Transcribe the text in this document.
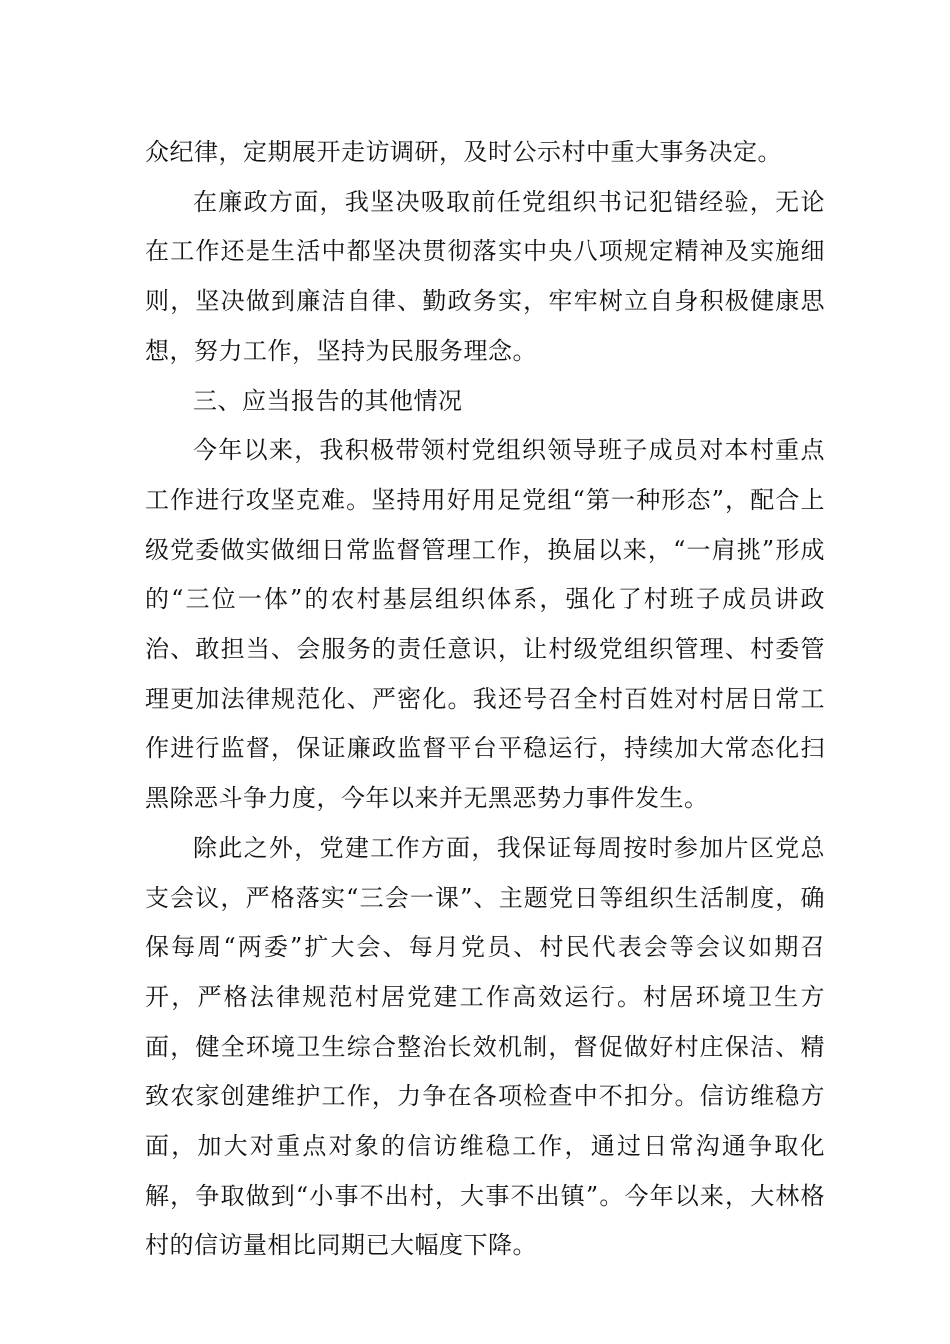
众纪律，定期展开走访调研，及时公示村中重大事务决定。

在廉政方面，我坚决吸取前任党组织书记犯错经验，无论在工作还是生活中都坚决贯彻落实中央八项规定精神及实施细则，坚决做到廉洁自律、勤政务实，牢牢树立自身积极健康思想，努力工作，坚持为民服务理念。

三、应当报告的其他情况

今年以来，我积极带领村党组织领导班子成员对本村重点工作进行攻坚克难。坚持用好用足党组“第一种形态”，配合上级党委做实做细日常监督管理工作，换届以来，“一肩挑”形成的“三位一体”的农村基层组织体系，强化了村班子成员讲政治、敢担当、会服务的责任意识，让村级党组织管理、村委管理更加法律规范化、严密化。我还号召全村百姓对村居日常工作进行监督，保证廉政监督平台平稳运行，持续加大常态化扫黑除恶斗争力度，今年以来并无黑恶势力事件发生。

除此之外，党建工作方面，我保证每周按时参加片区党总支会议，严格落实“三会一课”、主题党日等组织生活制度，确保每周“两委”扩大会、每月党员、村民代表会等会议如期召开，严格法律规范村居党建工作高效运行。村居环境卫生方面，健全环境卫生综合整治长效机制，督促做好村庄保洁、精致农家创建维护工作，力争在各项检查中不扣分。信访维稳方面，加大对重点对象的信访维稳工作，通过日常沟通争取化解，争取做到“小事不出村，大事不出镇”。今年以来，大林格村的信访量相比同期已大幅度下降。
